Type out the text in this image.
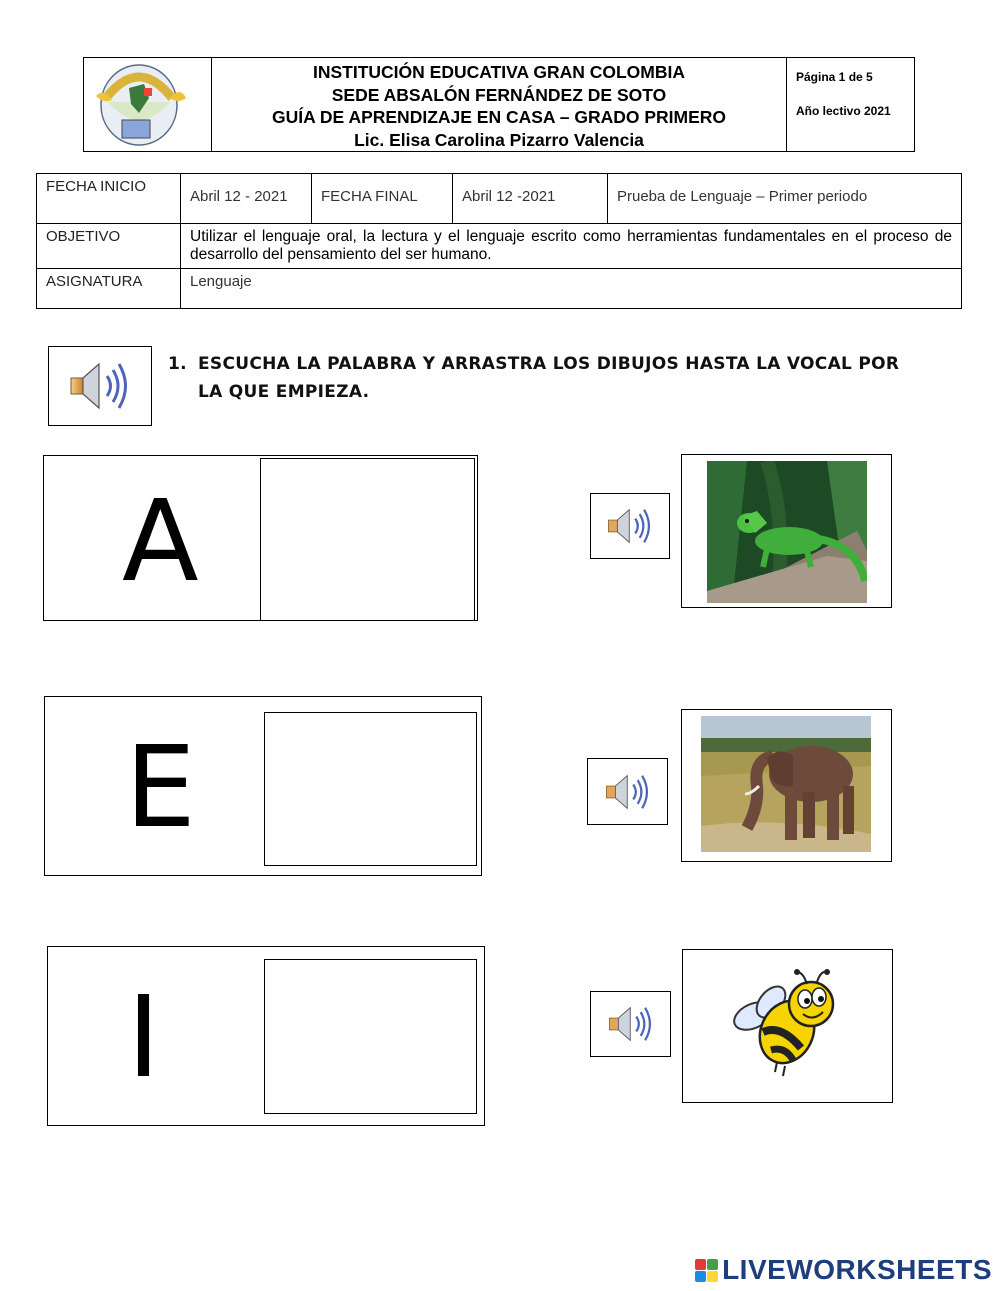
INSTITUCIÓN EDUCATIVA GRAN COLOMBIA
SEDE ABSALÓN FERNÁNDEZ DE SOTO
GUÍA DE APRENDIZAJE EN CASA – GRADO PRIMERO
Lic. Elisa Carolina Pizarro Valencia
Página 1 de 5
Año lectivo 2021
FECHA INICIO	Abril 12 - 2021	FECHA FINAL	Abril 12 -2021	Prueba de Lenguaje – Primer periodo
OBJETIVO	Utilizar el lenguaje oral, la lectura y el lenguaje escrito como herramientas fundamentales en el proceso de desarrollo del pensamiento del ser humano.			
ASIGNATURA	Lenguaje			
1. ESCUCHA LA PALABRA Y ARRASTRA LOS DIBUJOS HASTA LA VOCAL POR LA QUE EMPIEZA.
A
E
I
LIVEWORKSHEETS
